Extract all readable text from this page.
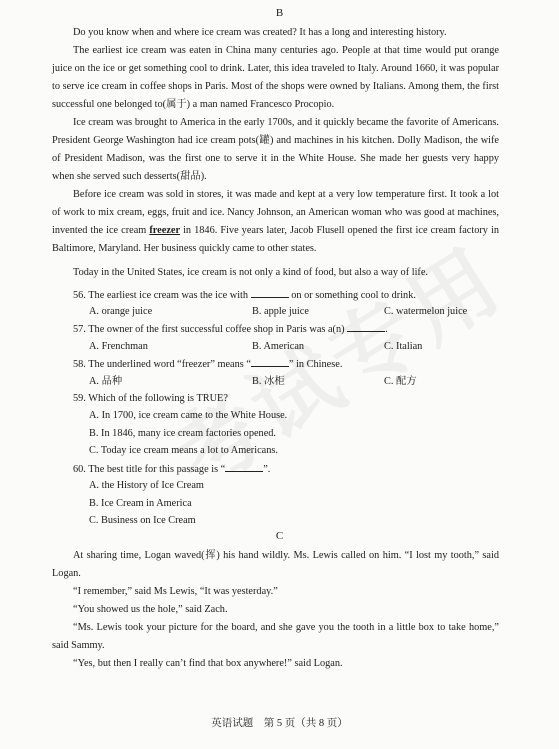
B

Do you know when and where ice cream was created? It has a long and interesting history.

The earliest ice cream was eaten in China many centuries ago. People at that time would put orange juice on the ice or get something cool to drink. Later, this idea traveled to Italy. Around 1660, it was popular to serve ice cream in coffee shops in Paris. Most of the shops were owned by Italians. Among them, the first successful one belonged to(属于) a man named Francesco Procopio.

Ice cream was brought to America in the early 1700s, and it quickly became the favorite of Americans. President George Washington had ice cream pots(罐) and machines in his kitchen. Dolly Madison, the wife of President Madison, was the first one to serve it in the White House. She made her guests very happy when she served such desserts(甜品).

Before ice cream was sold in stores, it was made and kept at a very low temperature first. It took a lot of work to mix cream, eggs, fruit and ice. Nancy Johnson, an American woman who was good at machines, invented the ice cream freezer in 1846. Five years later, Jacob Flusell opened the first ice cream factory in Baltimore, Maryland. Her business quickly came to other states.

Today in the United States, ice cream is not only a kind of food, but also a way of life.

56. The earliest ice cream was the ice with	on or something cool to drink.
A. orange juice	B. apple juice	C. watermelon juice
57. The owner of the first successful coffee shop in Paris was a(n)	.
A. Frenchman	B. American	C. Italian
58. The underlined word “freezer” means “	” in Chinese.
A. 品种	B. 冰柜	C. 配方
59. Which of the following is TRUE?
A. In 1700, ice cream came to the White House.
B. In 1846, many ice cream factories opened.
C. Today ice cream means a lot to Americans.
60. The best title for this passage is “	”.
A. the History of Ice Cream
B. Ice Cream in America
C. Business on Ice Cream
C

At sharing time, Logan waved(挥) his hand wildly. Ms. Lewis called on him. “I lost my tooth,” said Logan.

“I remember,” said Ms Lewis, “It was yesterday.”

“You showed us the hole,” said Zach.

“Ms. Lewis took your picture for the board, and she gave you the tooth in a little box to take home,” said Sammy.

“Yes, but then I really can’t find that box anywhere!” said Logan.

英语试题　第 5 页（共 8 页）
